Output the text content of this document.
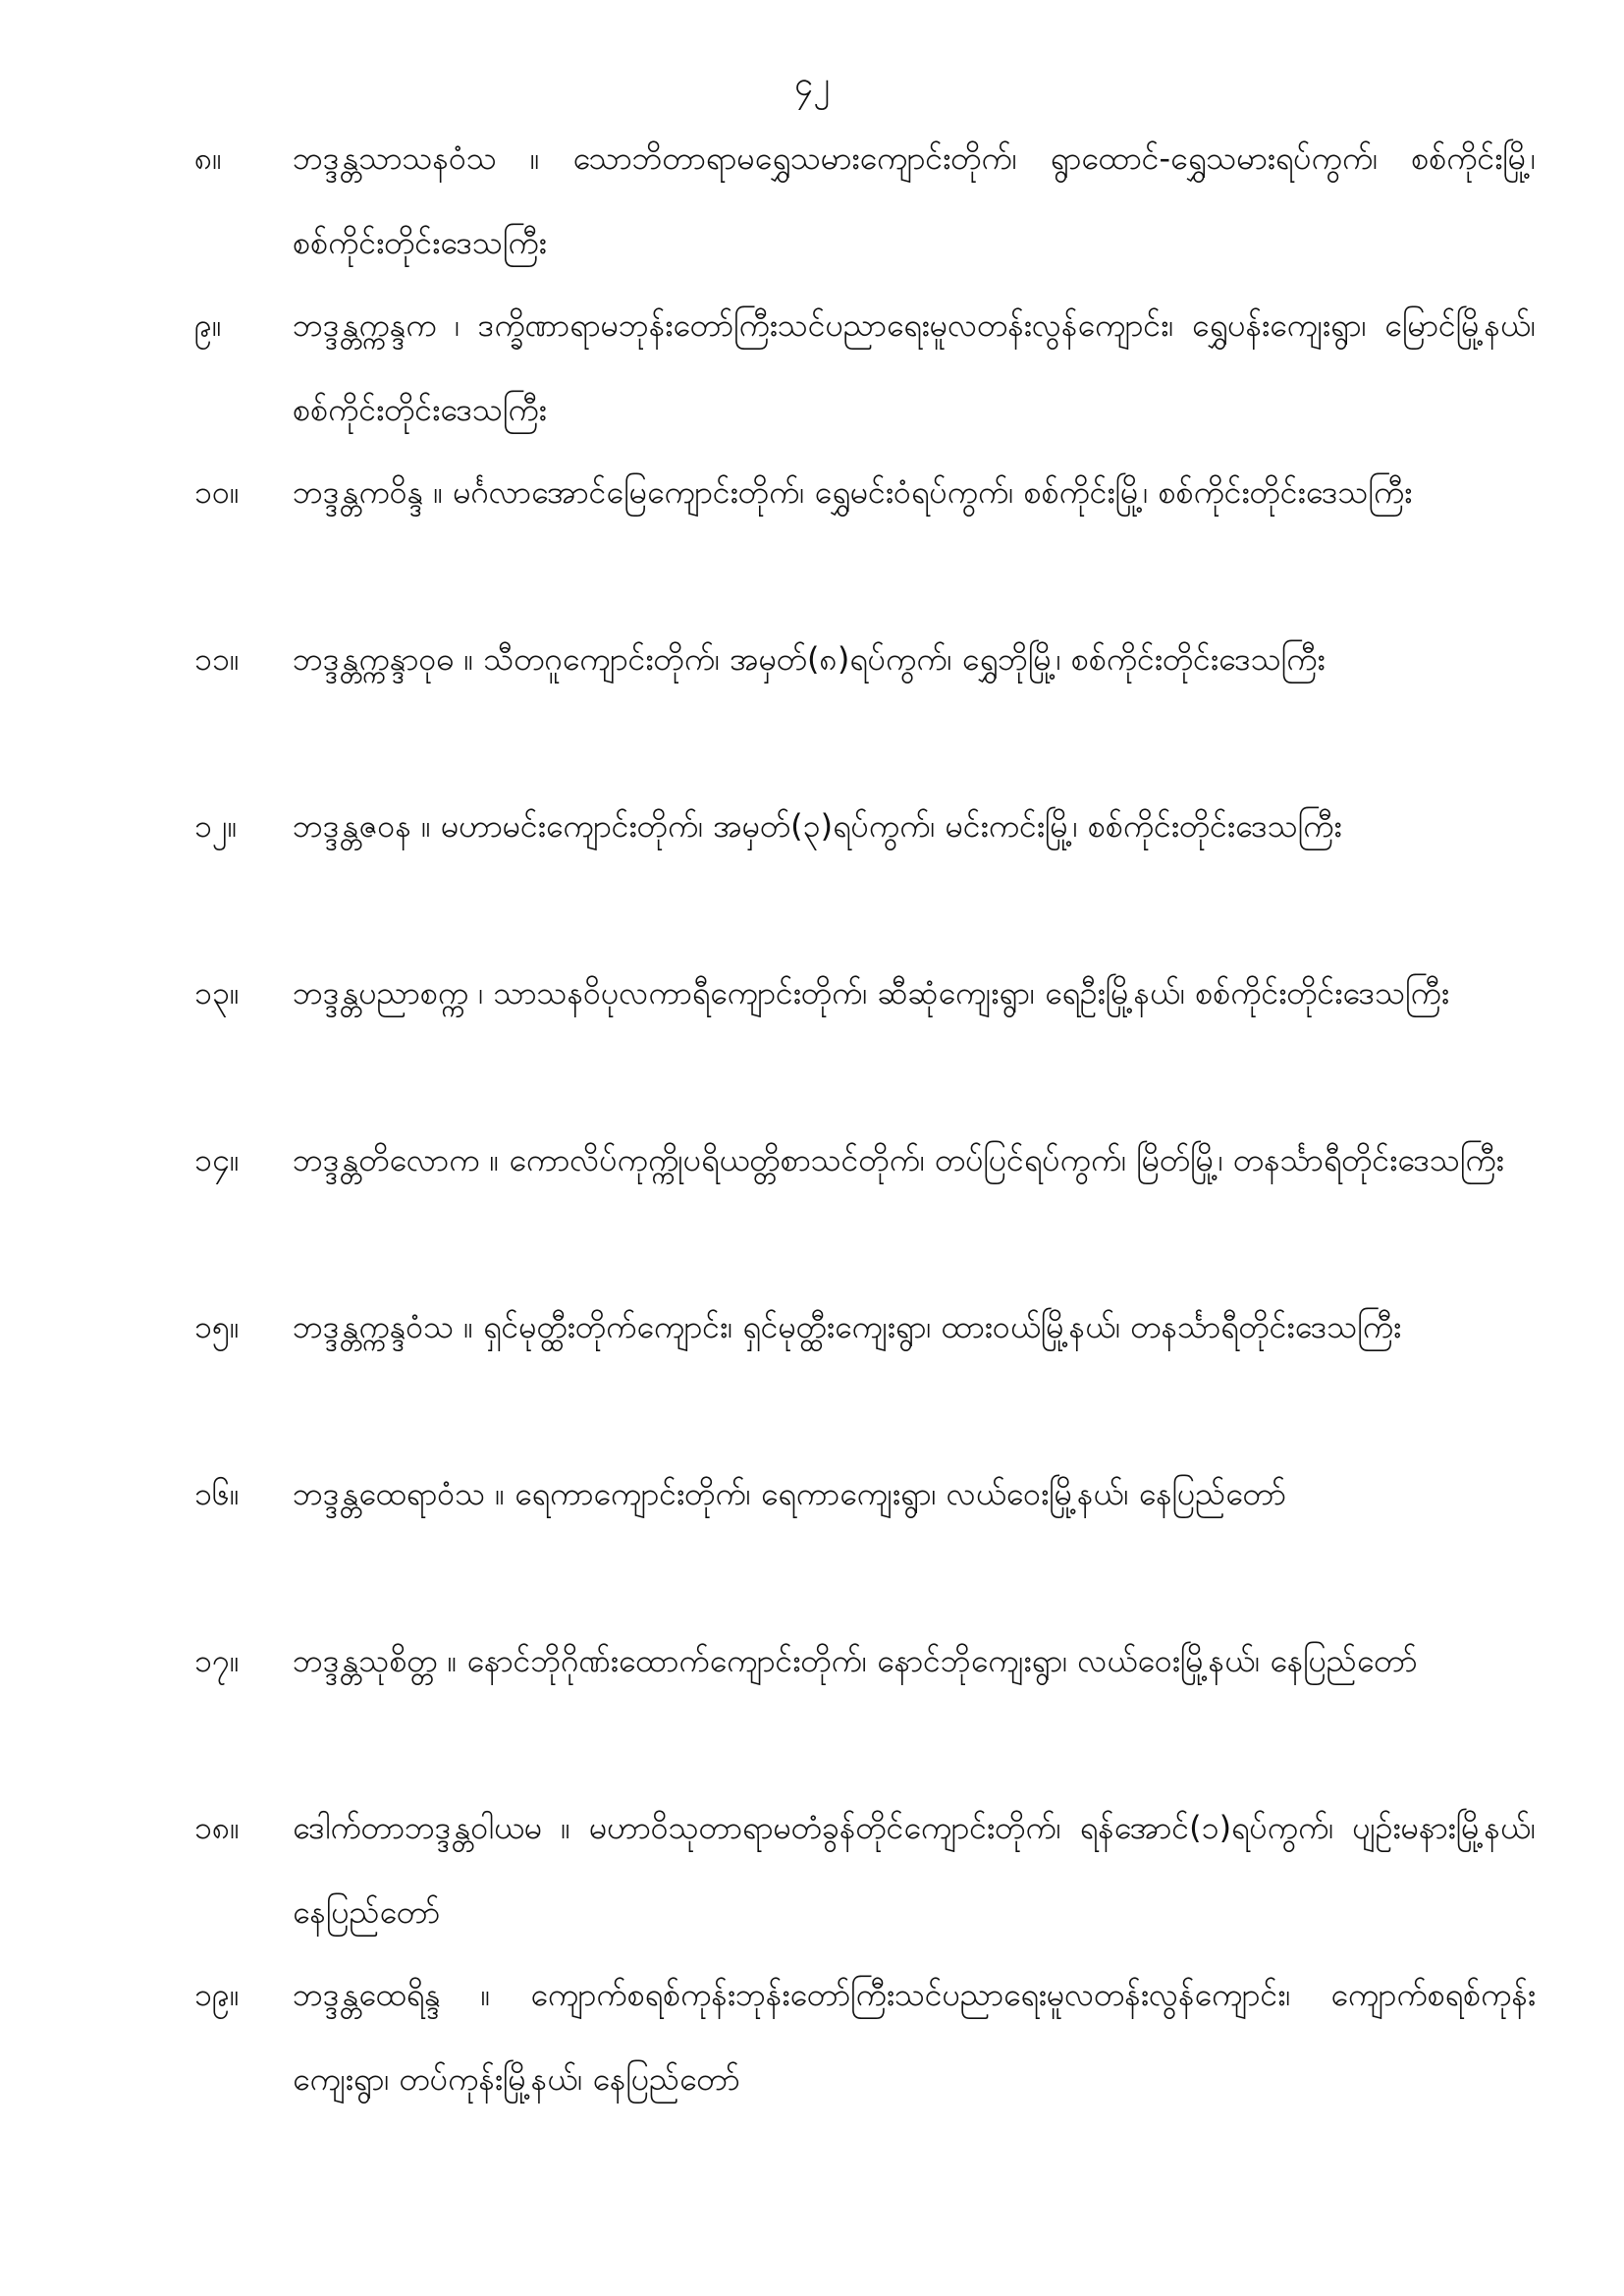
၄၂
၈။	ဘဒ္ဒန္တသာသနဝံသ ။ သောဘိတာရာမရွှေသမားကျောင်းတိုက်၊ ရွာထောင်-ရွှေသမားရပ်ကွက်၊ စစ်ကိုင်းမြို့၊ စစ်ကိုင်းတိုင်းဒေသကြီး
၉။	ဘဒ္ဒန္တက္ကန္ဒက ၊ ဒက္ခိဏာရာမဘုန်းတော်ကြီးသင်ပညာရေးမူလတန်းလွန်ကျောင်း၊ ရွှေပန်းကျေးရွာ၊ မြောင်မြို့နယ်၊ စစ်ကိုင်းတိုင်းဒေသကြီး
၁၀။	ဘဒ္ဒန္တကဝိန္ဒ ။ မင်္ဂလာအောင်မြေကျောင်းတိုက်၊ ရွှေမင်းဝံရပ်ကွက်၊ စစ်ကိုင်းမြို့၊ စစ်ကိုင်းတိုင်းဒေသကြီး
၁၁။	ဘဒ္ဒန္တက္ကန္ဒာဝုဓ ။ သီတဂူကျောင်းတိုက်၊ အမှတ်(၈)ရပ်ကွက်၊ ရွှေဘိုမြို့၊ စစ်ကိုင်းတိုင်းဒေသကြီး
၁၂။	ဘဒ္ဒန္တဇဝန ။ မဟာမင်းကျောင်းတိုက်၊ အမှတ်(၃)ရပ်ကွက်၊ မင်းကင်းမြို့၊ စစ်ကိုင်းတိုင်းဒေသကြီး
၁၃။	ဘဒ္ဒန္တပညာစက္က ၊ သာသနဝိပုလကာရီကျောင်းတိုက်၊ ဆီဆုံကျေးရွာ၊ ရေဦးမြို့နယ်၊ စစ်ကိုင်းတိုင်းဒေသကြီး
၁၄။	ဘဒ္ဒန္တတိလောက ။ ကောလိပ်ကုက္ကိုပရိယတ္တိစာသင်တိုက်၊ တပ်ပြင်ရပ်ကွက်၊ မြိတ်မြို့၊ တနင်္သာရီတိုင်းဒေသကြီး
၁၅။	ဘဒ္ဒန္တက္ကန္ဒဝံသ ။ ရှင်မုတ္ထီးတိုက်ကျောင်း၊ ရှင်မုတ္ထီးကျေးရွာ၊ ထားဝယ်မြို့နယ်၊ တနင်္သာရီတိုင်းဒေသကြီး
၁၆။	ဘဒ္ဒန္တထေရာဝံသ ။ ရေကာကျောင်းတိုက်၊ ရေကာကျေးရွာ၊ လယ်ဝေးမြို့နယ်၊ နေပြည်တော်
၁၇။	ဘဒ္ဒန္တသုစိတ္တ ။ နောင်ဘိုဂိုဏ်းထောက်ကျောင်းတိုက်၊ နောင်ဘိုကျေးရွာ၊ လယ်ဝေးမြို့နယ်၊ နေပြည်တော်
၁၈။	ဒေါက်တာဘဒ္ဒန္တဝါယမ ။ မဟာဝိသုတာရာမတံခွန်တိုင်ကျောင်းတိုက်၊ ရန်အောင်(၁)ရပ်ကွက်၊ ပျဉ်းမနားမြို့နယ်၊ နေပြည်တော်
၁၉။	ဘဒ္ဒန္တထေရိန္ဒ ။ ကျောက်စရစ်ကုန်းဘုန်းတော်ကြီးသင်ပညာရေးမူလတန်းလွန်ကျောင်း၊ ကျောက်စရစ်ကုန်းကျေးရွာ၊ တပ်ကုန်းမြို့နယ်၊ နေပြည်တော်
